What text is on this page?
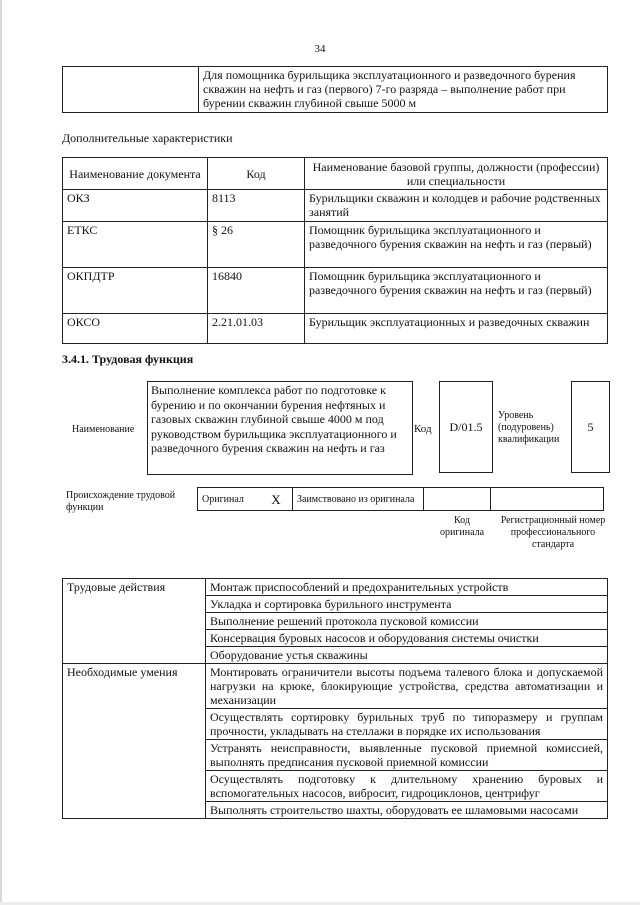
34
	Для помощника бурильщика эксплуатационного и разведочного бурения скважин на нефть и газ (первого) 7-го разряда – выполнение работ при бурении скважин глубиной свыше 5000 м
Дополнительные характеристики
Наименование документа	Код	Наименование базовой группы, должности (профессии) или специальности
ОКЗ	8113	Бурильщики скважин и колодцев и рабочие родственных занятий
ЕТКС	§ 26	Помощник бурильщика эксплуатационного и разведочного бурения скважин на нефть и газ (первый)
ОКПДТР	16840	Помощник бурильщика эксплуатационного и разведочного бурения скважин на нефть и газ (первый)
ОКСО	2.21.01.03	Бурильщик эксплуатационных и разведочных скважин
3.4.1. Трудовая функция
Наименование
Выполнение комплекса работ по подготовке к бурению и по окончании бурения нефтяных и газовых скважин глубиной свыше 4000 м под руководством бурильщика эксплуатационного и разведочного бурения скважин на нефть и газ
Код	D/01.5
Уровень (подуровень) квалификации
5
Происхождение трудовой функции
Оригинал	Х	Заимствовано из оригинала		
Код оригинала
Регистрационный номер профессионального стандарта
Трудовые действия	Монтаж приспособлений и предохранительных устройств
	Укладка и сортировка бурильного инструмента
	Выполнение решений протокола пусковой комиссии
	Консервация буровых насосов и оборудования системы очистки
	Оборудование устья скважины
Необходимые умения	Монтировать ограничители высоты подъема талевого блока и допускаемой нагрузки на крюке, блокирующие устройства, средства автоматизации и механизации
	Осуществлять сортировку бурильных труб по типоразмеру и группам прочности, укладывать на стеллажи в порядке их использования
	Устранять неисправности, выявленные пусковой приемной комиссией, выполнять предписания пусковой приемной комиссии
	Осуществлять подготовку к длительному хранению буровых и вспомогательных насосов, вибросит, гидроциклонов, центрифуг
	Выполнять строительство шахты, оборудовать ее шламовыми насосами
